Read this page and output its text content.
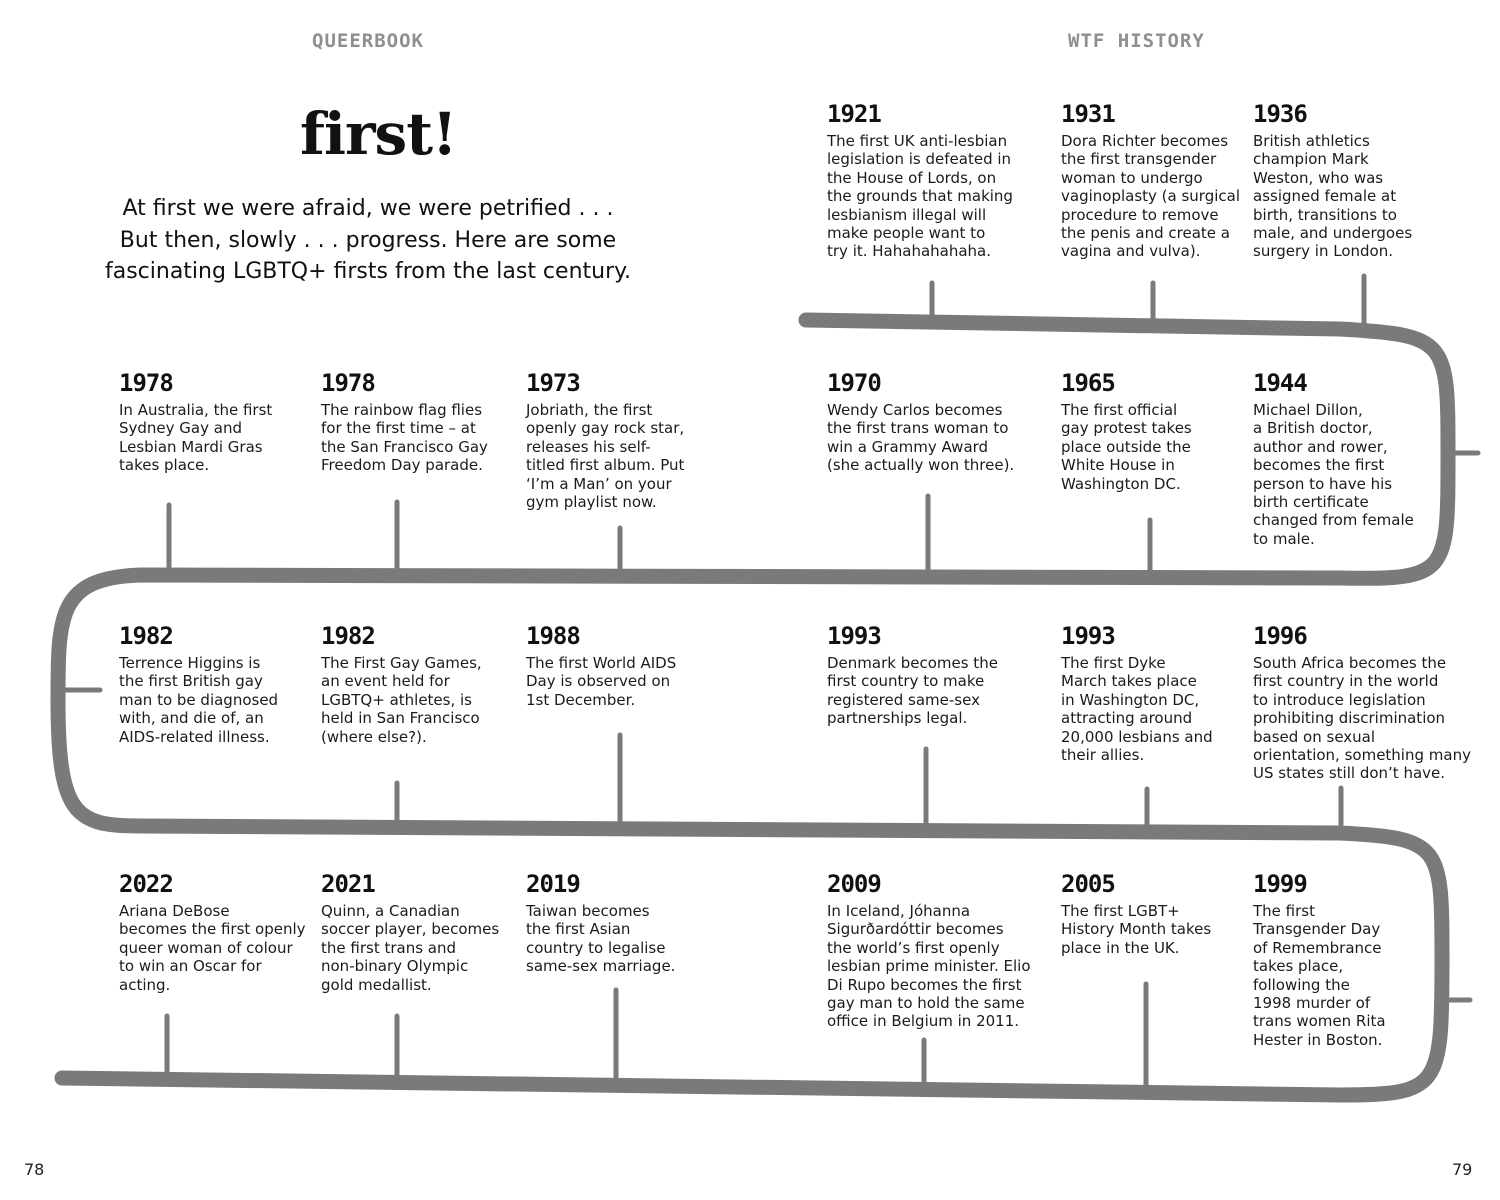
QUEERBOOK	WTF HISTORY
first!
At first we were afraid, we were petrified . . .
But then, slowly . . . progress. Here are some
fascinating LGBTQ+ firsts from the last century.
1921
The first UK anti-lesbian
legislation is defeated in
the House of Lords, on
the grounds that making
lesbianism illegal will
make people want to
try it. Hahahahahaha.
1931
Dora Richter becomes
the first transgender
woman to undergo
vaginoplasty (a surgical
procedure to remove
the penis and create a
vagina and vulva).
1936
British athletics
champion Mark
Weston, who was
assigned female at
birth, transitions to
male, and undergoes
surgery in London.
1978
In Australia, the first
Sydney Gay and
Lesbian Mardi Gras
takes place.
1978
The rainbow flag flies
for the first time – at
the San Francisco Gay
Freedom Day parade.
1973
Jobriath, the first
openly gay rock star,
releases his self-
titled first album. Put
‘I’m a Man’ on your
gym playlist now.
1970
Wendy Carlos becomes
the first trans woman to
win a Grammy Award
(she actually won three).
1965
The first official
gay protest takes
place outside the
White House in
Washington DC.
1944
Michael Dillon,
a British doctor,
author and rower,
becomes the first
person to have his
birth certificate
changed from female
to male.
1982
Terrence Higgins is
the first British gay
man to be diagnosed
with, and die of, an
AIDS-related illness.
1982
The First Gay Games,
an event held for
LGBTQ+ athletes, is
held in San Francisco
(where else?).
1988
The first World AIDS
Day is observed on
1st December.
1993
Denmark becomes the
first country to make
registered same-sex
partnerships legal.
1993
The first Dyke
March takes place
in Washington DC,
attracting around
20,000 lesbians and
their allies.
1996
South Africa becomes the
first country in the world
to introduce legislation
prohibiting discrimination
based on sexual
orientation, something many
US states still don’t have.
2022
Ariana DeBose
becomes the first openly
queer woman of colour
to win an Oscar for
acting.
2021
Quinn, a Canadian
soccer player, becomes
the first trans and
non-binary Olympic
gold medallist.
2019
Taiwan becomes
the first Asian
country to legalise
same-sex marriage.
2009
In Iceland, Jóhanna
Sigurðardóttir becomes
the world’s first openly
lesbian prime minister. Elio
Di Rupo becomes the first
gay man to hold the same
office in Belgium in 2011.
2005
The first LGBT+
History Month takes
place in the UK.
1999
The first
Transgender Day
of Remembrance
takes place,
following the
1998 murder of
trans women Rita
Hester in Boston.
78	79
